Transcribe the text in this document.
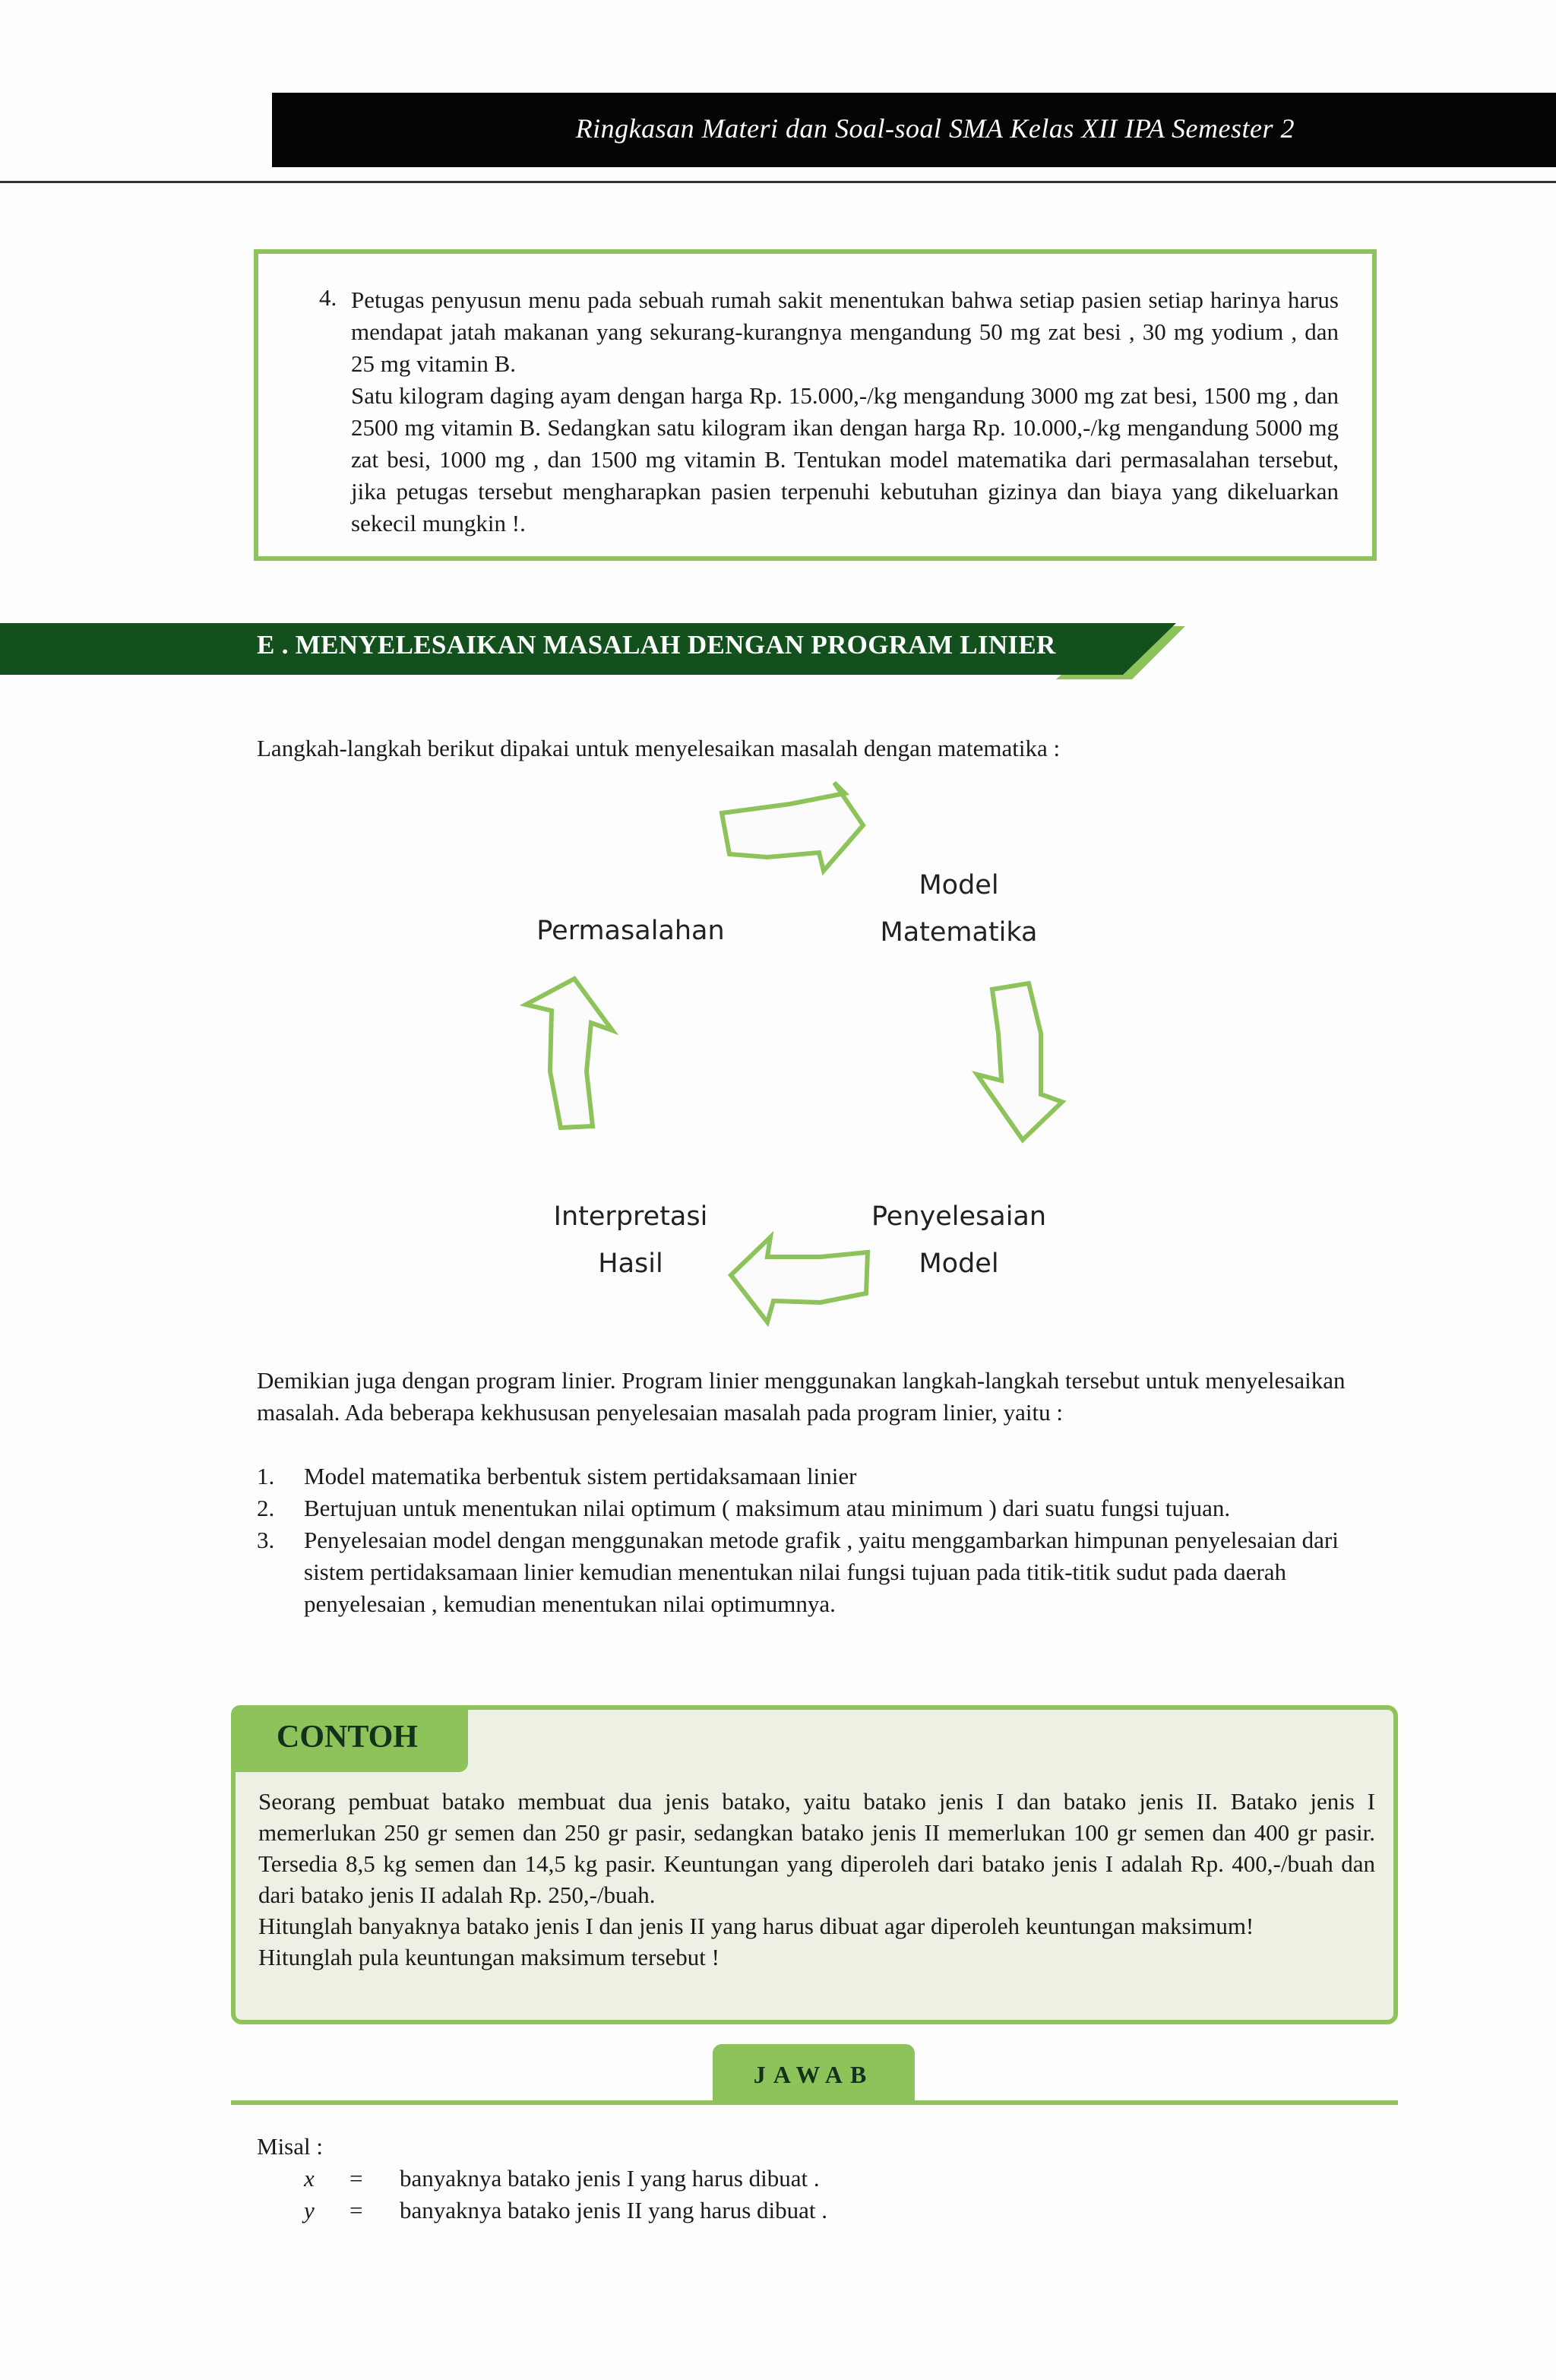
Ringkasan Materi dan Soal-soal SMA Kelas XII IPA Semester 2
4. Petugas penyusun menu pada sebuah rumah sakit menentukan bahwa setiap pasien setiap harinya harus mendapat jatah makanan yang sekurang-kurangnya mengandung 50 mg zat besi , 30 mg yodium , dan 25 mg vitamin B.

Satu kilogram daging ayam dengan harga Rp. 15.000,-/kg mengandung 3000 mg zat besi, 1500 mg , dan 2500 mg vitamin B. Sedangkan satu kilogram ikan dengan harga Rp. 10.000,-/kg mengandung 5000 mg zat besi, 1000 mg , dan 1500 mg vitamin B. Tentukan model matematika dari permasalahan tersebut, jika petugas tersebut mengharapkan pasien terpenuhi kebutuhan gizinya dan biaya yang dikeluarkan sekecil mungkin !.

E . MENYELESAIKAN MASALAH DENGAN PROGRAM LINIER
Langkah-langkah berikut dipakai untuk menyelesaikan masalah dengan matematika :
Permasalahan
Model
Matematika
Penyelesaian
Model
Interpretasi
Hasil
Demikian juga dengan program linier. Program linier menggunakan langkah-langkah tersebut untuk menyelesaikan masalah. Ada beberapa kekhususan penyelesaian masalah pada program linier, yaitu :
1. Model matematika berbentuk sistem pertidaksamaan linier
2. Bertujuan untuk menentukan nilai optimum ( maksimum atau minimum ) dari suatu fungsi tujuan.
3. Penyelesaian model dengan menggunakan metode grafik , yaitu menggambarkan himpunan penyelesaian dari sistem pertidaksamaan linier kemudian menentukan nilai fungsi tujuan pada titik-titik sudut pada daerah penyelesaian , kemudian menentukan nilai optimumnya.
CONTOH

Seorang pembuat batako membuat dua jenis batako, yaitu batako jenis I dan batako jenis II. Batako jenis I memerlukan 250 gr semen dan 250 gr pasir, sedangkan batako jenis II memerlukan 100 gr semen dan 400 gr pasir. Tersedia 8,5 kg semen dan 14,5 kg pasir. Keuntungan yang diperoleh dari batako jenis I adalah Rp. 400,-/buah dan dari batako jenis II adalah Rp. 250,-/buah.

Hitunglah banyaknya batako jenis I dan jenis II yang harus dibuat agar diperoleh keuntungan maksimum!

Hitunglah pula keuntungan maksimum tersebut !

JAWAB
Misal :
x = banyaknya batako jenis I yang harus dibuat .
y = banyaknya batako jenis II yang harus dibuat .
